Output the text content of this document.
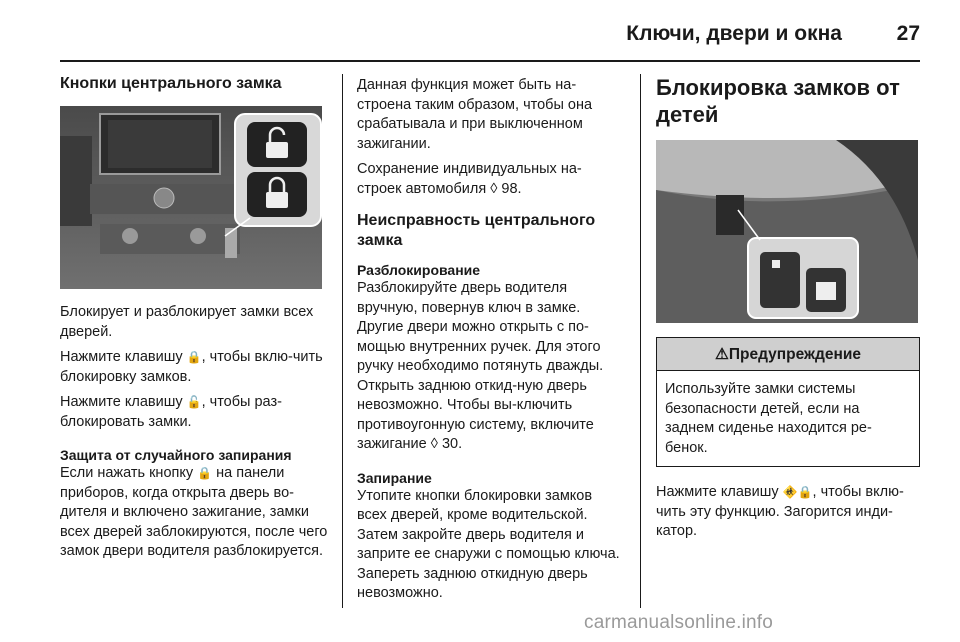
Ключи, двери и окна	27
Кнопки центрального замка

Блокирует и разблокирует замки всех дверей.

Нажмите клавишу 🔒, чтобы вклю-чить блокировку замков.

Нажмите клавишу 🔓, чтобы раз-блокировать замки.

Защита от случайного запирания

Если нажать кнопку 🔒 на панели приборов, когда открыта дверь во-дителя и включено зажигание, замки всех дверей заблокируются, после чего замок двери водителя разблокируется.

Данная функция может быть на-строена таким образом, чтобы она срабатывала и при выключенном зажигании.

Сохранение индивидуальных на-строек автомобиля ◊ 98.

Неисправность центрального замка
Разблокирование

Разблокируйте дверь водителя вручную, повернув ключ в замке. Другие двери можно открыть с по-мощью внутренних ручек. Для этого ручку необходимо потянуть дважды. Открыть заднюю откид-ную дверь невозможно. Чтобы вы-ключить противоугонную систему, включите зажигание ◊ 30.

Запирание

Утопите кнопки блокировки замков всех дверей, кроме водительской. Затем закройте дверь водителя и заприте ее снаружи с помощью ключа. Запереть заднюю откидную дверь невозможно.

Блокировка замков от детей
⚠Предупреждение
Используйте замки системы безопасности детей, если на заднем сиденье находится ре-бенок.

Нажмите клавишу 🚸🔒, чтобы вклю-чить эту функцию. Загорится инди-катор.

carmanualsonline.info
